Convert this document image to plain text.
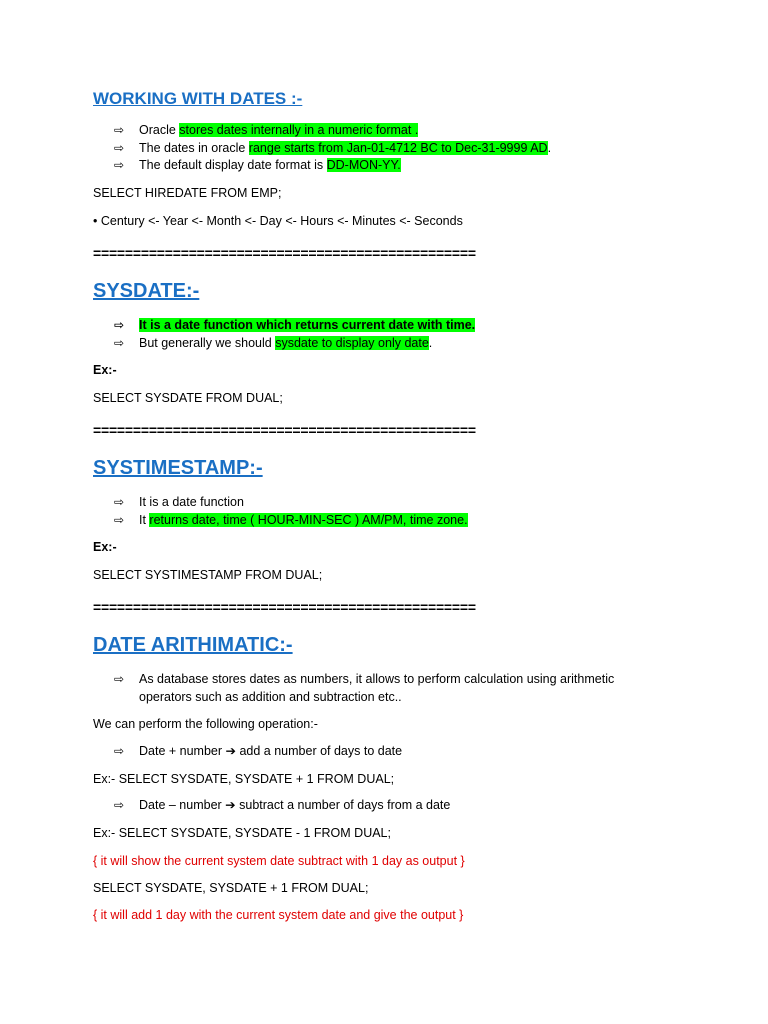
WORKING WITH DATES :-
⇨ Oracle stores dates internally in a numeric format .
⇨ The dates in oracle range starts from Jan-01-4712 BC to Dec-31-9999 AD.
⇨ The default display date format is DD-MON-YY.
SELECT HIREDATE FROM EMP;
• Century <- Year <- Month <- Day <- Hours <- Minutes <- Seconds
================================================
SYSDATE:-
⇨ It is a date function which returns current date with time.
⇨ But generally we should sysdate to display only date.
Ex:-
SELECT SYSDATE FROM DUAL;
================================================
SYSTIMESTAMP:-
⇨ It is a date function
⇨ It returns date, time ( HOUR-MIN-SEC ) AM/PM, time zone.
Ex:-
SELECT SYSTIMESTAMP FROM DUAL;
================================================
DATE ARITHIMATIC:-
⇨ As database stores dates as numbers, it allows to perform calculation using arithmetic
operators such as addition and subtraction etc..
We can perform the following operation:-
⇨ Date + number ➔ add a number of days to date
Ex:- SELECT SYSDATE, SYSDATE + 1 FROM DUAL;
⇨ Date – number ➔ subtract a number of days from a date
Ex:- SELECT SYSDATE, SYSDATE - 1 FROM DUAL;
{ it will show the current system date subtract with 1 day as output }
SELECT SYSDATE, SYSDATE + 1 FROM DUAL;
{ it will add 1 day with the current system date and give the output }
